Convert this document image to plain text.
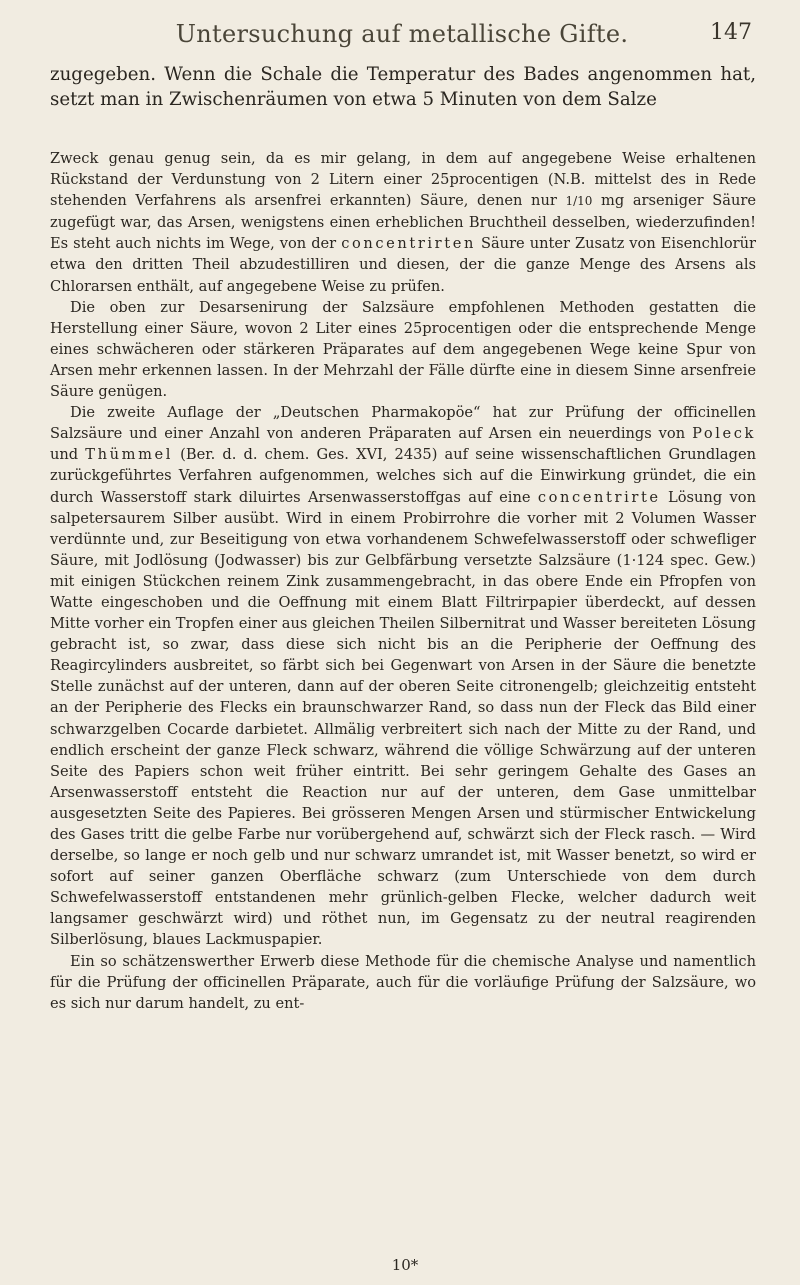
Untersuchung auf metallische Gifte.	147

zugegeben. Wenn die Schale die Temperatur des Bades angenommen hat, setzt man in Zwischenräumen von etwa 5 Minuten von dem Salze

Zweck genau genug sein, da es mir gelang, in dem auf angegebene Weise erhaltenen Rückstand der Verdunstung von 2 Litern einer 25procentigen (N.B. mittelst des in Rede stehenden Verfahrens als arsenfrei erkannten) Säure, denen nur 1/10 mg arseniger Säure zugefügt war, das Arsen, wenigstens einen erheblichen Bruchtheil desselben, wiederzufinden! Es steht auch nichts im Wege, von der concentrirten Säure unter Zusatz von Eisenchlorür etwa den dritten Theil abzudestilliren und diesen, der die ganze Menge des Arsens als Chlorarsen enthält, auf angegebene Weise zu prüfen.

Die oben zur Desarsenirung der Salzsäure empfohlenen Methoden gestatten die Herstellung einer Säure, wovon 2 Liter eines 25procentigen oder die entsprechende Menge eines schwächeren oder stärkeren Präparates auf dem angegebenen Wege keine Spur von Arsen mehr erkennen lassen. In der Mehrzahl der Fälle dürfte eine in diesem Sinne arsenfreie Säure genügen.

Die zweite Auflage der „Deutschen Pharmakopöe“ hat zur Prüfung der officinellen Salzsäure und einer Anzahl von anderen Präparaten auf Arsen ein neuerdings von Poleck und Thümmel (Ber. d. d. chem. Ges. XVI, 2435) auf seine wissenschaftlichen Grundlagen zurückgeführtes Verfahren aufgenommen, welches sich auf die Einwirkung gründet, die ein durch Wasserstoff stark diluirtes Arsenwasserstoffgas auf eine concentrirte Lösung von salpetersaurem Silber ausübt. Wird in einem Probirrohre die vorher mit 2 Volumen Wasser verdünnte und, zur Beseitigung von etwa vorhandenem Schwefelwasserstoff oder schwefliger Säure, mit Jodlösung (Jodwasser) bis zur Gelbfärbung versetzte Salzsäure (1·124 spec. Gew.) mit einigen Stückchen reinem Zink zusammengebracht, in das obere Ende ein Pfropfen von Watte eingeschoben und die Oeffnung mit einem Blatt Filtrirpapier überdeckt, auf dessen Mitte vorher ein Tropfen einer aus gleichen Theilen Silbernitrat und Wasser bereiteten Lösung gebracht ist, so zwar, dass diese sich nicht bis an die Peripherie der Oeffnung des Reagircylinders ausbreitet, so färbt sich bei Gegenwart von Arsen in der Säure die benetzte Stelle zunächst auf der unteren, dann auf der oberen Seite citronengelb; gleichzeitig entsteht an der Peripherie des Flecks ein braunschwarzer Rand, so dass nun der Fleck das Bild einer schwarzgelben Cocarde darbietet. Allmälig verbreitert sich nach der Mitte zu der Rand, und endlich erscheint der ganze Fleck schwarz, während die völlige Schwärzung auf der unteren Seite des Papiers schon weit früher eintritt. Bei sehr geringem Gehalte des Gases an Arsenwasserstoff entsteht die Reaction nur auf der unteren, dem Gase unmittelbar ausgesetzten Seite des Papieres. Bei grösseren Mengen Arsen und stürmischer Entwickelung des Gases tritt die gelbe Farbe nur vorübergehend auf, schwärzt sich der Fleck rasch. — Wird derselbe, so lange er noch gelb und nur schwarz umrandet ist, mit Wasser benetzt, so wird er sofort auf seiner ganzen Oberfläche schwarz (zum Unterschiede von dem durch Schwefelwasserstoff entstandenen mehr grünlich-gelben Flecke, welcher dadurch weit langsamer geschwärzt wird) und röthet nun, im Gegensatz zu der neutral reagirenden Silberlösung, blaues Lackmuspapier.

Ein so schätzenswerther Erwerb diese Methode für die chemische Analyse und namentlich für die Prüfung der officinellen Präparate, auch für die vorläufige Prüfung der Salzsäure, wo es sich nur darum handelt, zu ent-

10*
